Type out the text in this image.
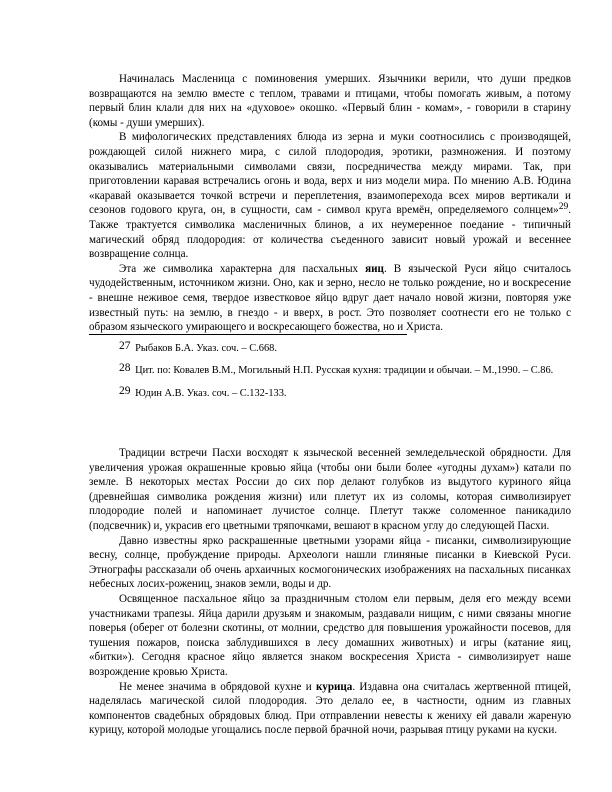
Начиналась Масленица с поминовения умерших. Язычники верили, что души предков возвращаются на землю вместе с теплом, травами и птицами, чтобы помогать живым, а потому первый блин клали для них на «духовое» окошко. «Первый блин - комам», - говорили в старину (комы - души умерших).

В мифологических представлениях блюда из зерна и муки соотносились с производящей, рождающей силой нижнего мира, с силой плодородия, эротики, размножения. И поэтому оказывались материальными символами связи, посредничества между мирами. Так, при приготовлении каравая встречались огонь и вода, верх и низ модели мира. По мнению А.В. Юдина «каравай оказывается точкой встречи и переплетения, взаимоперехода всех миров вертикали и сезонов годового круга, он, в сущности, сам - символ круга времён, определяемого солнцем»$^{29}$. Также трактуется символика масленичных блинов, а их неумеренное поедание - типичный магический обряд плодородия: от количества съеденного зависит новый урожай и весеннее возвращение солнца.

Эта же символика характерна для пасхальных яиц. В языческой Руси яйцо считалось чудодейственным, источником жизни. Оно, как и зерно, несло не только рождение, но и воскресение - внешне неживое семя, твердое известковое яйцо вдруг дает начало новой жизни, повторяя уже известный путь: на землю, в гнездо - и вверх, в рост. Это позволяет соотнести его не только с образом языческого умирающего и воскресающего божества, но и Христа.

27 Рыбаков Б.А. Указ. соч. – С.668.
28 Цит. по: Ковалев В.М., Могильный Н.П. Русская кухня: традиции и обычаи. – М.,1990. – С.86.
29 Юдин А.В. Указ. соч. – С.132-133.

Традиции встречи Пасхи восходят к языческой весенней земледельческой обрядности. Для увеличения урожая окрашенные кровью яйца (чтобы они были более «угодны духам») катали по земле. В некоторых местах России до сих пор делают голубков из выдутого куриного яйца (древнейшая символика рождения жизни) или плетут их из соломы, которая символизирует плодородие полей и напоминает лучистое солнце. Плетут также соломенное паникадило (подсвечник) и, украсив его цветными тряпочками, вешают в красном углу до следующей Пасхи.

Давно известны ярко раскрашенные цветными узорами яйца - писанки, символизирующие весну, солнце, пробуждение природы. Археологи нашли глиняные писанки в Киевской Руси. Этнографы рассказали об очень архаичных космогонических изображениях на пасхальных писанках небесных лосих-рожениц, знаков земли, воды и др.

Освященное пасхальное яйцо за праздничным столом ели первым, деля его между всеми участниками трапезы. Яйца дарили друзьям и знакомым, раздавали нищим, с ними связаны многие поверья (оберег от болезни скотины, от молнии, средство для повышения урожайности посевов, для тушения пожаров, поиска заблудившихся в лесу домашних животных) и игры (катание яиц, «битки»). Сегодня красное яйцо является знаком воскресения Христа - символизирует наше возрождение кровью Христа.

Не менее значима в обрядовой кухне и курица. Издавна она считалась жертвенной птицей, наделялась магической силой плодородия. Это делало ее, в частности, одним из главных компонентов свадебных обрядовых блюд. При отправлении невесты к жениху ей давали жареную курицу, которой молодые угощались после первой брачной ночи, разрывая птицу руками на куски.
